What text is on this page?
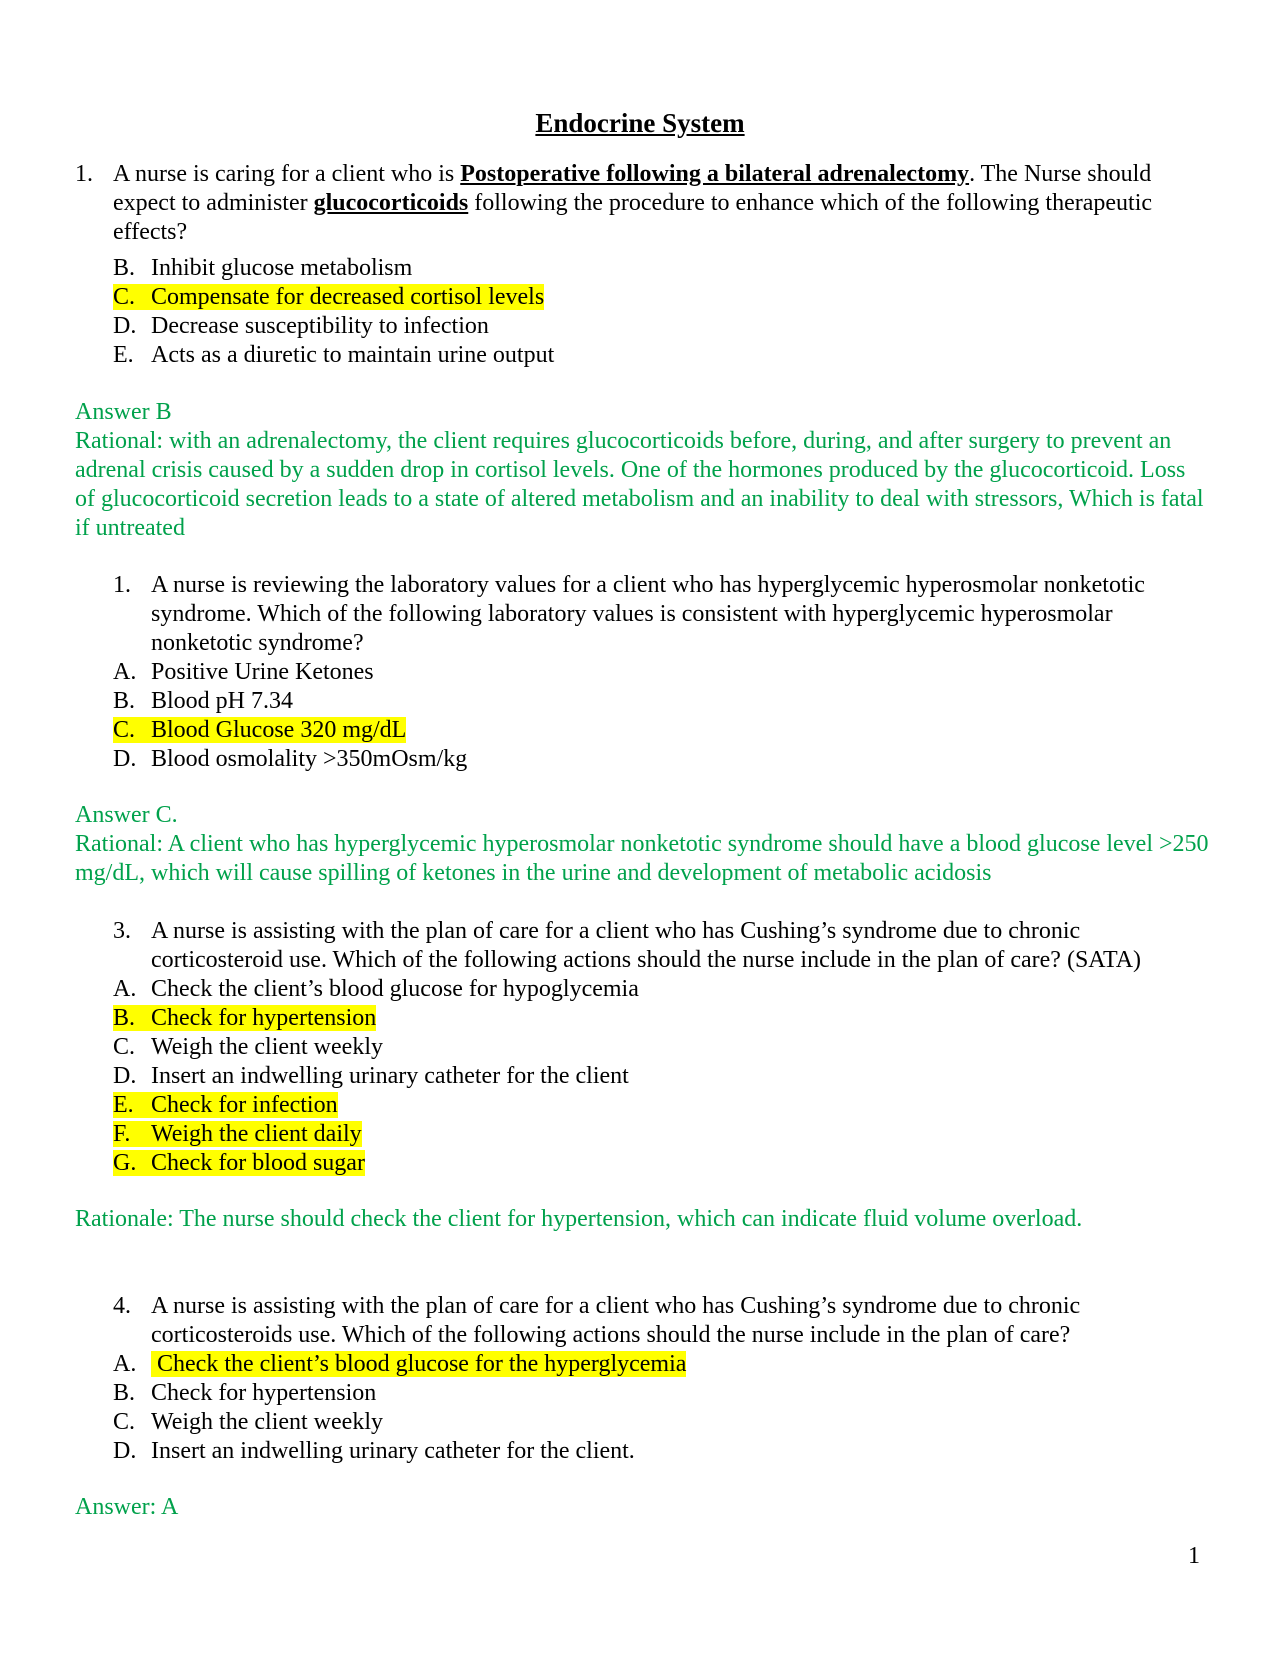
Endocrine System
1. A nurse is caring for a client who is Postoperative following a bilateral adrenalectomy. The Nurse should expect to administer glucocorticoids following the procedure to enhance which of the following therapeutic effects?
B. Inhibit glucose metabolism
C. Compensate for decreased cortisol levels
D. Decrease susceptibility to infection
E. Acts as a diuretic to maintain urine output
Answer B
Rational: with an adrenalectomy, the client requires glucocorticoids before, during, and after surgery to prevent an adrenal crisis caused by a sudden drop in cortisol levels. One of the hormones produced by the glucocorticoid. Loss of glucocorticoid secretion leads to a state of altered metabolism and an inability to deal with stressors, Which is fatal if untreated
1. A nurse is reviewing the laboratory values for a client who has hyperglycemic hyperosmolar nonketotic syndrome. Which of the following laboratory values is consistent with hyperglycemic hyperosmolar nonketotic syndrome?
A. Positive Urine Ketones
B. Blood pH 7.34
C. Blood Glucose 320 mg/dL
D. Blood osmolality >350mOsm/kg
Answer C.
Rational: A client who has hyperglycemic hyperosmolar nonketotic syndrome should have a blood glucose level >250 mg/dL, which will cause spilling of ketones in the urine and development of metabolic acidosis
3. A nurse is assisting with the plan of care for a client who has Cushing’s syndrome due to chronic corticosteroid use. Which of the following actions should the nurse include in the plan of care? (SATA)
A. Check the client’s blood glucose for hypoglycemia
B. Check for hypertension
C. Weigh the client weekly
D. Insert an indwelling urinary catheter for the client
E. Check for infection
F. Weigh the client daily
G. Check for blood sugar
Rationale: The nurse should check the client for hypertension, which can indicate fluid volume overload.
4. A nurse is assisting with the plan of care for a client who has Cushing’s syndrome due to chronic corticosteroids use. Which of the following actions should the nurse include in the plan of care?
A. Check the client’s blood glucose for the hyperglycemia
B. Check for hypertension
C. Weigh the client weekly
D. Insert an indwelling urinary catheter for the client.
Answer: A
1
